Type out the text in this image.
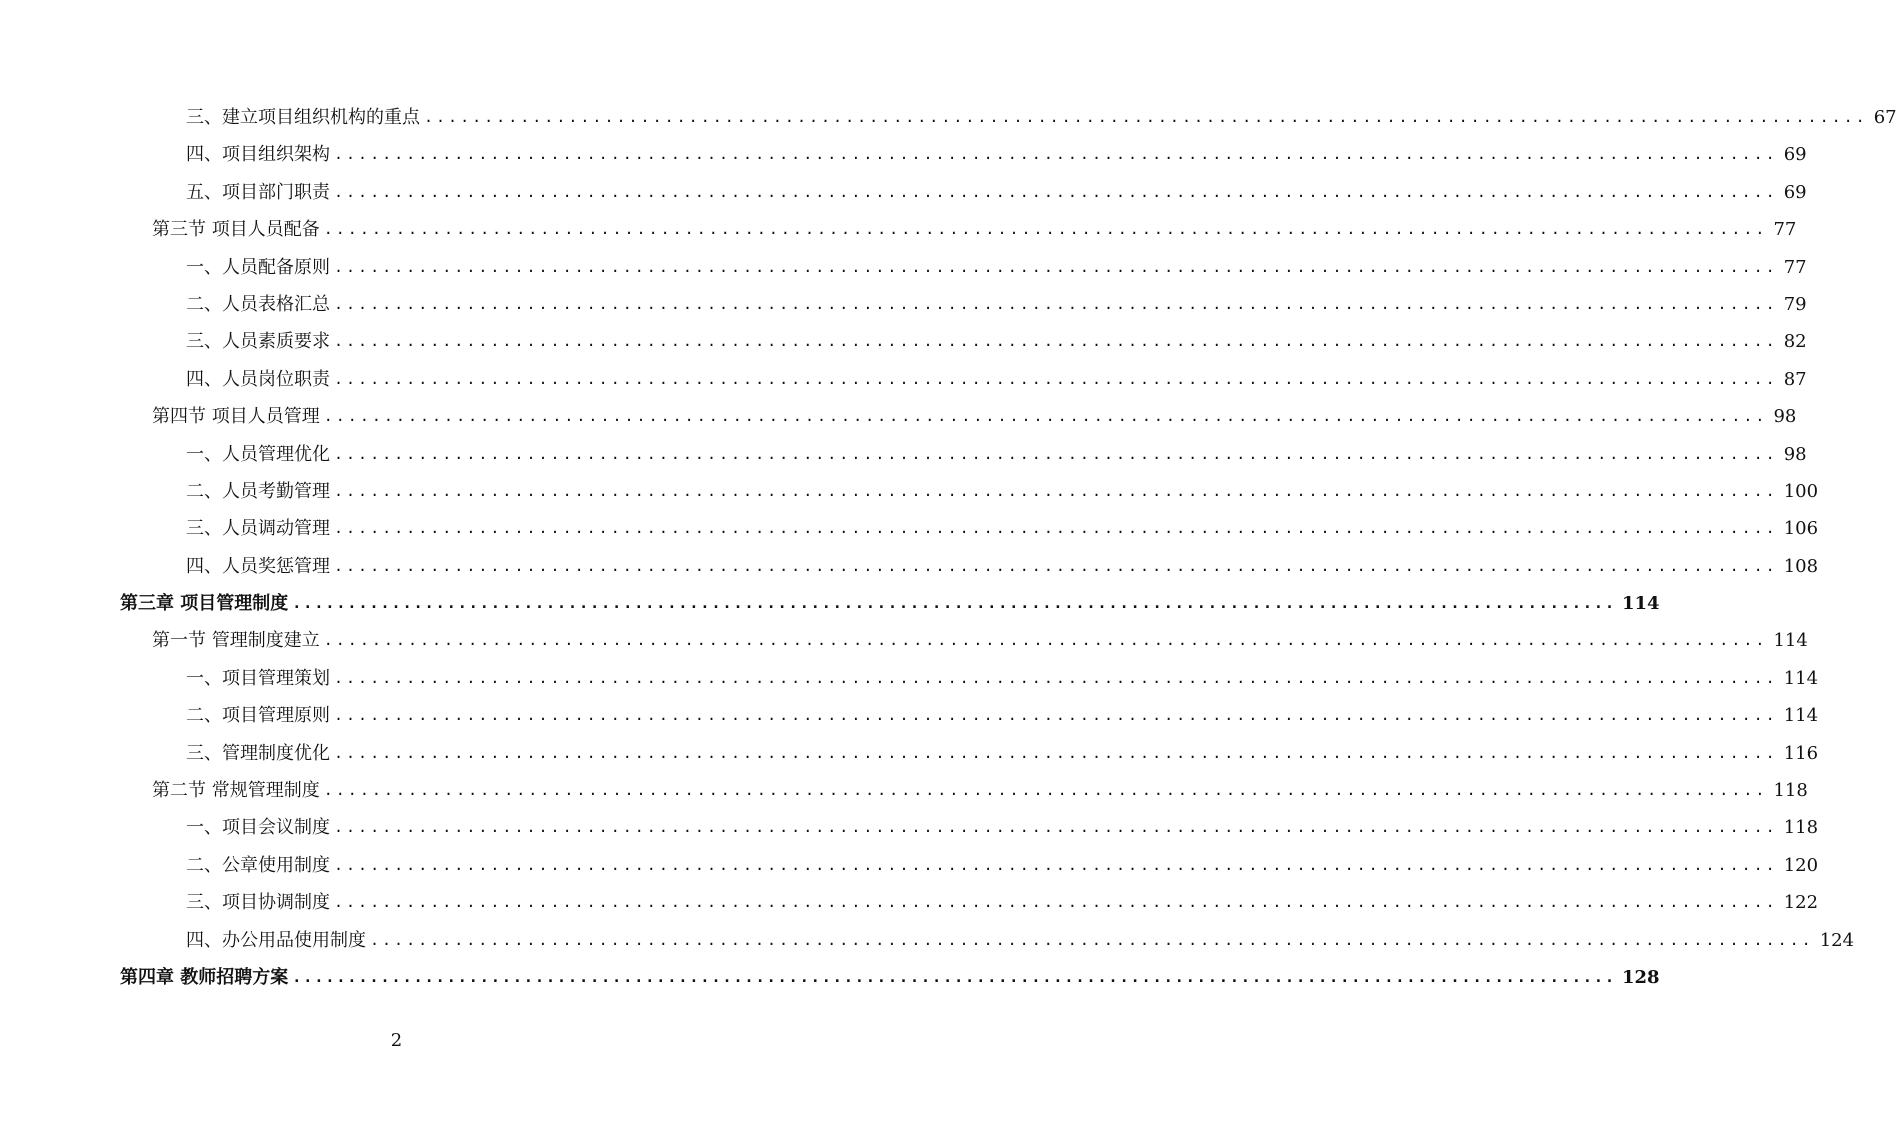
三、建立项目组织机构的重点 ........................................................................................................................ 67
四、项目组织架构 ........................................................................................................................ 69
五、项目部门职责 ........................................................................................................................ 69
第三节 项目人员配备 ........................................................................................................................ 77
一、人员配备原则 ........................................................................................................................ 77
二、人员表格汇总 ........................................................................................................................ 79
三、人员素质要求 ........................................................................................................................ 82
四、人员岗位职责 ........................................................................................................................ 87
第四节 项目人员管理 ........................................................................................................................ 98
一、人员管理优化 ........................................................................................................................ 98
二、人员考勤管理 ........................................................................................................................ 100
三、人员调动管理 ........................................................................................................................ 106
四、人员奖惩管理 ........................................................................................................................ 108
第三章 项目管理制度 ........................................................................................................................ 114
第一节 管理制度建立 ........................................................................................................................ 114
一、项目管理策划 ........................................................................................................................ 114
二、项目管理原则 ........................................................................................................................ 114
三、管理制度优化 ........................................................................................................................ 116
第二节 常规管理制度 ........................................................................................................................ 118
一、项目会议制度 ........................................................................................................................ 118
二、公章使用制度 ........................................................................................................................ 120
三、项目协调制度 ........................................................................................................................ 122
四、办公用品使用制度 ........................................................................................................................ 124
第四章 教师招聘方案 ........................................................................................................................ 128
2
